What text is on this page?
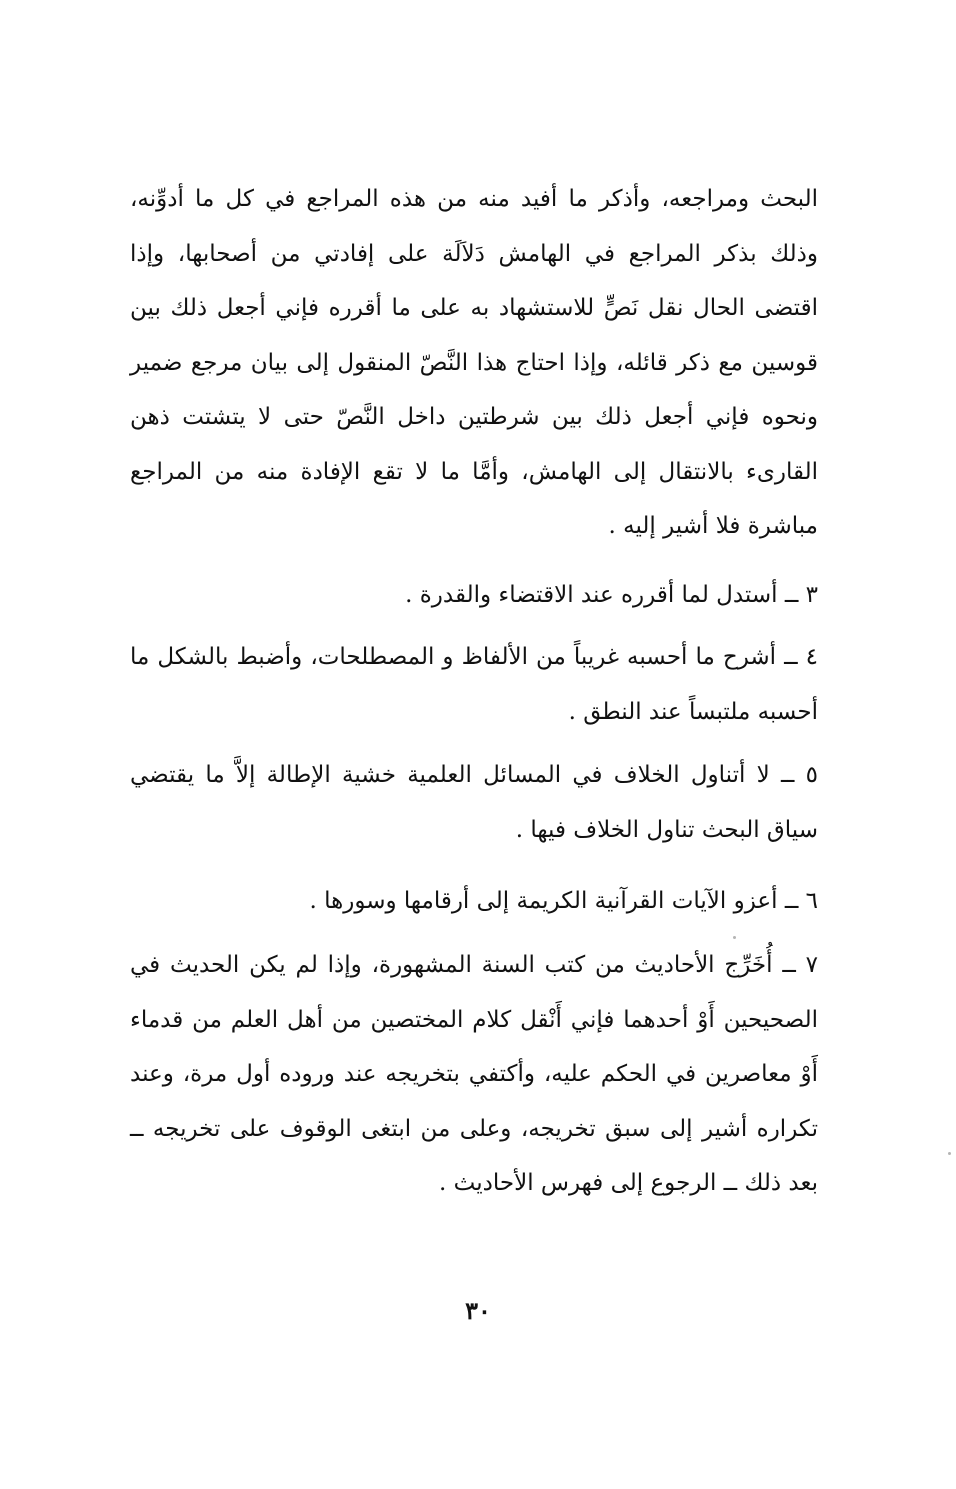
البحث ومراجعه، وأذكر ما أفيد منه من هذه المراجع في كل ما أدوِّنه، وذلك بذكر المراجع في الهامش دَلاَلَة على إفادتي من أصحابها، وإذا اقتضى الحال نقل نَصٍّ للاستشهاد به على ما أقرره فإني أجعل ذلك بين قوسين مع ذكر قائله، وإذا احتاج هذا النَّصّ المنقول إلى بيان مرجع ضمير ونحوه فإني أجعل ذلك بين شرطتين داخل النَّصّ حتى لا يتشتت ذهن القارىء بالانتقال إلى الهامش، وأمَّا ما لا تقع الإفادة منه من المراجع مباشرة فلا أشير إليه .

٣ ــ أستدل لما أقرره عند الاقتضاء والقدرة .

٤ ــ أشرح ما أحسبه غريباً من الألفاظ و المصطلحات، وأضبط بالشكل ما أحسبه ملتبساً عند النطق .

٥ ــ لا أتناول الخلاف في المسائل العلمية خشية الإطالة إلاَّ ما يقتضي سياق البحث تناول الخلاف فيها .

٦ ــ أعزو الآيات القرآنية الكريمة إلى أرقامها وسورها .

٧ ــ أُخَرِّج الأحاديث من كتب السنة المشهورة، وإذا لم يكن الحديث في الصحيحين أَوْ أحدهما فإني أَنْقل كلام المختصين من أهل العلم من قدماء أَوْ معاصرين في الحكم عليه، وأكتفي بتخريجه عند وروده أول مرة، وعند تكراره أشير إلى سبق تخريجه، وعلى من ابتغى الوقوف على تخريجه ــ بعد ذلك ــ الرجوع إلى فهرس الأحاديث .

٣٠
